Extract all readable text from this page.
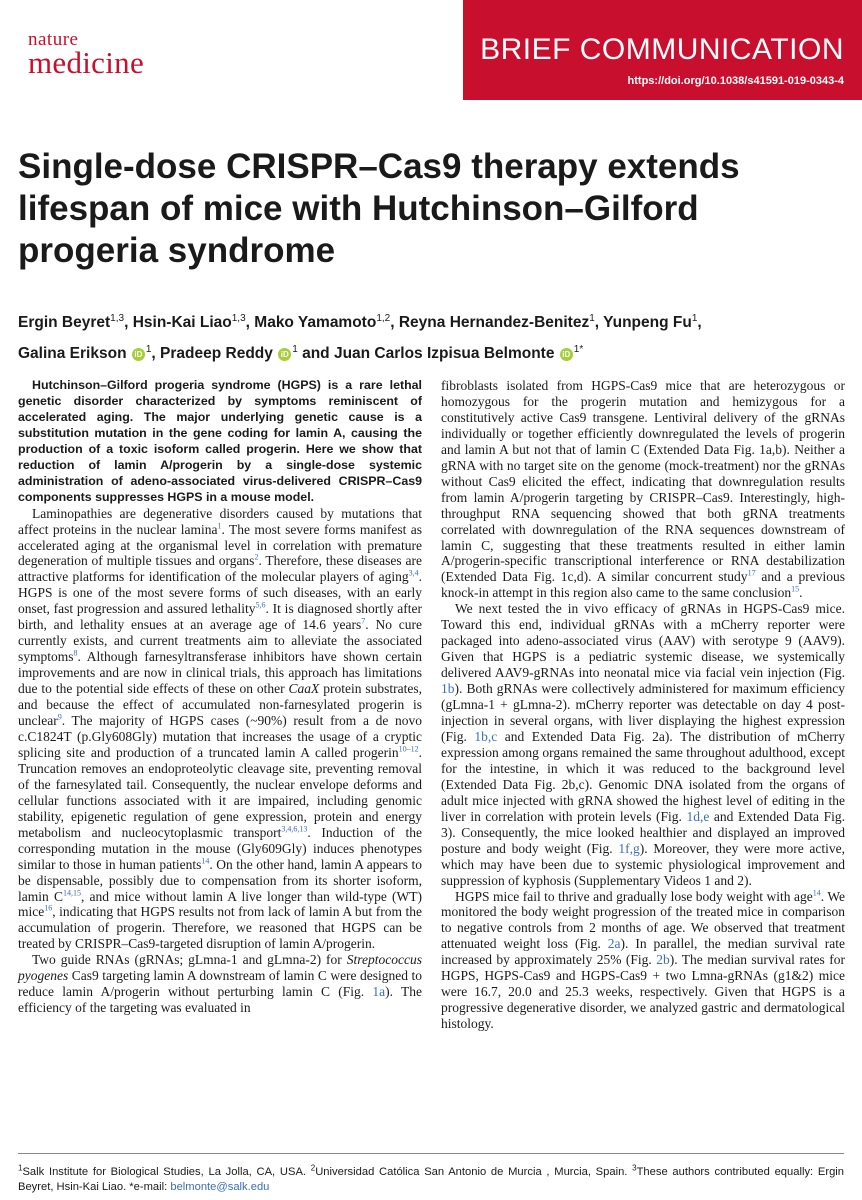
nature
medicine	BRIEF COMMUNICATION
https://doi.org/10.1038/s41591-019-0343-4
Single-dose CRISPR–Cas9 therapy extends lifespan of mice with Hutchinson–Gilford progeria syndrome
Ergin Beyret$^{1,3}$, Hsin-Kai Liao$^{1,3}$, Mako Yamamoto$^{1,2}$, Reyna Hernandez-Benitez$^1$, Yunpeng Fu$^1$,
Galina Erikson iD $^1$, Pradeep Reddy iD $^1$ and Juan Carlos Izpisua Belmonte iD $^{1*}$

Hutchinson–Gilford progeria syndrome (HGPS) is a rare lethal genetic disorder characterized by symptoms reminiscent of accelerated aging. The major underlying genetic cause is a substitution mutation in the gene coding for lamin A, causing the production of a toxic isoform called progerin. Here we show that reduction of lamin A/progerin by a single-dose systemic administration of adeno-associated virus-delivered CRISPR–Cas9 components suppresses HGPS in a mouse model.

Laminopathies are degenerative disorders caused by mutations that affect proteins in the nuclear lamina$^1$. The most severe forms manifest as accelerated aging at the organismal level in correlation with premature degeneration of multiple tissues and organs$^2$. Therefore, these diseases are attractive platforms for identification of the molecular players of aging$^{3,4}$. HGPS is one of the most severe forms of such diseases, with an early onset, fast progression and assured lethality$^{5,6}$. It is diagnosed shortly after birth, and lethality ensues at an average age of 14.6 years$^7$. No cure currently exists, and current treatments aim to alleviate the associated symptoms$^8$. Although farnesyltransferase inhibitors have shown certain improvements and are now in clinical trials, this approach has limitations due to the potential side effects of these on other CaaX protein substrates, and because the effect of accumulated non-farnesylated progerin is unclear$^9$. The majority of HGPS cases (~90%) result from a de novo c.C1824T (p.Gly608Gly) mutation that increases the usage of a cryptic splicing site and production of a truncated lamin A called progerin$^{10-12}$. Truncation removes an endoproteolytic cleavage site, preventing removal of the farnesylated tail. Consequently, the nuclear envelope deforms and cellular functions associated with it are impaired, including genomic stability, epigenetic regulation of gene expression, protein and energy metabolism and nucleocytoplasmic transport$^{3,4,6,13}$. Induction of the corresponding mutation in the mouse (Gly609Gly) induces phenotypes similar to those in human patients$^{14}$. On the other hand, lamin A appears to be dispensable, possibly due to compensation from its shorter isoform, lamin C$^{14,15}$, and mice without lamin A live longer than wild-type (WT) mice$^{16}$, indicating that HGPS results not from lack of lamin A but from the accumulation of progerin. Therefore, we reasoned that HGPS can be treated by CRISPR–Cas9-targeted disruption of lamin A/progerin.

Two guide RNAs (gRNAs; gLmna-1 and gLmna-2) for Streptococcus pyogenes Cas9 targeting lamin A downstream of lamin C were designed to reduce lamin A/progerin without perturbing lamin C (Fig. 1a). The efficiency of the targeting was evaluated in

fibroblasts isolated from HGPS-Cas9 mice that are heterozygous or homozygous for the progerin mutation and hemizygous for a constitutively active Cas9 transgene. Lentiviral delivery of the gRNAs individually or together efficiently downregulated the levels of progerin and lamin A but not that of lamin C (Extended Data Fig. 1a,b). Neither a gRNA with no target site on the genome (mock-treatment) nor the gRNAs without Cas9 elicited the effect, indicating that downregulation results from lamin A/progerin targeting by CRISPR–Cas9. Interestingly, high-throughput RNA sequencing showed that both gRNA treatments correlated with downregulation of the RNA sequences downstream of lamin C, suggesting that these treatments resulted in either lamin A/progerin-specific transcriptional interference or RNA destabilization (Extended Data Fig. 1c,d). A similar concurrent study$^{17}$ and a previous knock-in attempt in this region also came to the same conclusion$^{15}$.

We next tested the in vivo efficacy of gRNAs in HGPS-Cas9 mice. Toward this end, individual gRNAs with a mCherry reporter were packaged into adeno-associated virus (AAV) with serotype 9 (AAV9). Given that HGPS is a pediatric systemic disease, we systemically delivered AAV9-gRNAs into neonatal mice via facial vein injection (Fig. 1b). Both gRNAs were collectively administered for maximum efficiency (gLmna-1 + gLmna-2). mCherry reporter was detectable on day 4 post-injection in several organs, with liver displaying the highest expression (Fig. 1b,c and Extended Data Fig. 2a). The distribution of mCherry expression among organs remained the same throughout adulthood, except for the intestine, in which it was reduced to the background level (Extended Data Fig. 2b,c). Genomic DNA isolated from the organs of adult mice injected with gRNA showed the highest level of editing in the liver in correlation with protein levels (Fig. 1d,e and Extended Data Fig. 3). Consequently, the mice looked healthier and displayed an improved posture and body weight (Fig. 1f,g). Moreover, they were more active, which may have been due to systemic physiological improvement and suppression of kyphosis (Supplementary Videos 1 and 2).

HGPS mice fail to thrive and gradually lose body weight with age$^{14}$. We monitored the body weight progression of the treated mice in comparison to negative controls from 2 months of age. We observed that treatment attenuated weight loss (Fig. 2a). In parallel, the median survival rate increased by approximately 25% (Fig. 2b). The median survival rates for HGPS, HGPS-Cas9 and HGPS-Cas9 + two Lmna-gRNAs (g1&2) mice were 16.7, 20.0 and 25.3 weeks, respectively. Given that HGPS is a progressive degenerative disorder, we analyzed gastric and dermatological histology.

$^1$Salk Institute for Biological Studies, La Jolla, CA, USA. $^2$Universidad Católica San Antonio de Murcia , Murcia, Spain. $^3$These authors contributed equally: Ergin Beyret, Hsin-Kai Liao. *e-mail: belmonte@salk.edu
